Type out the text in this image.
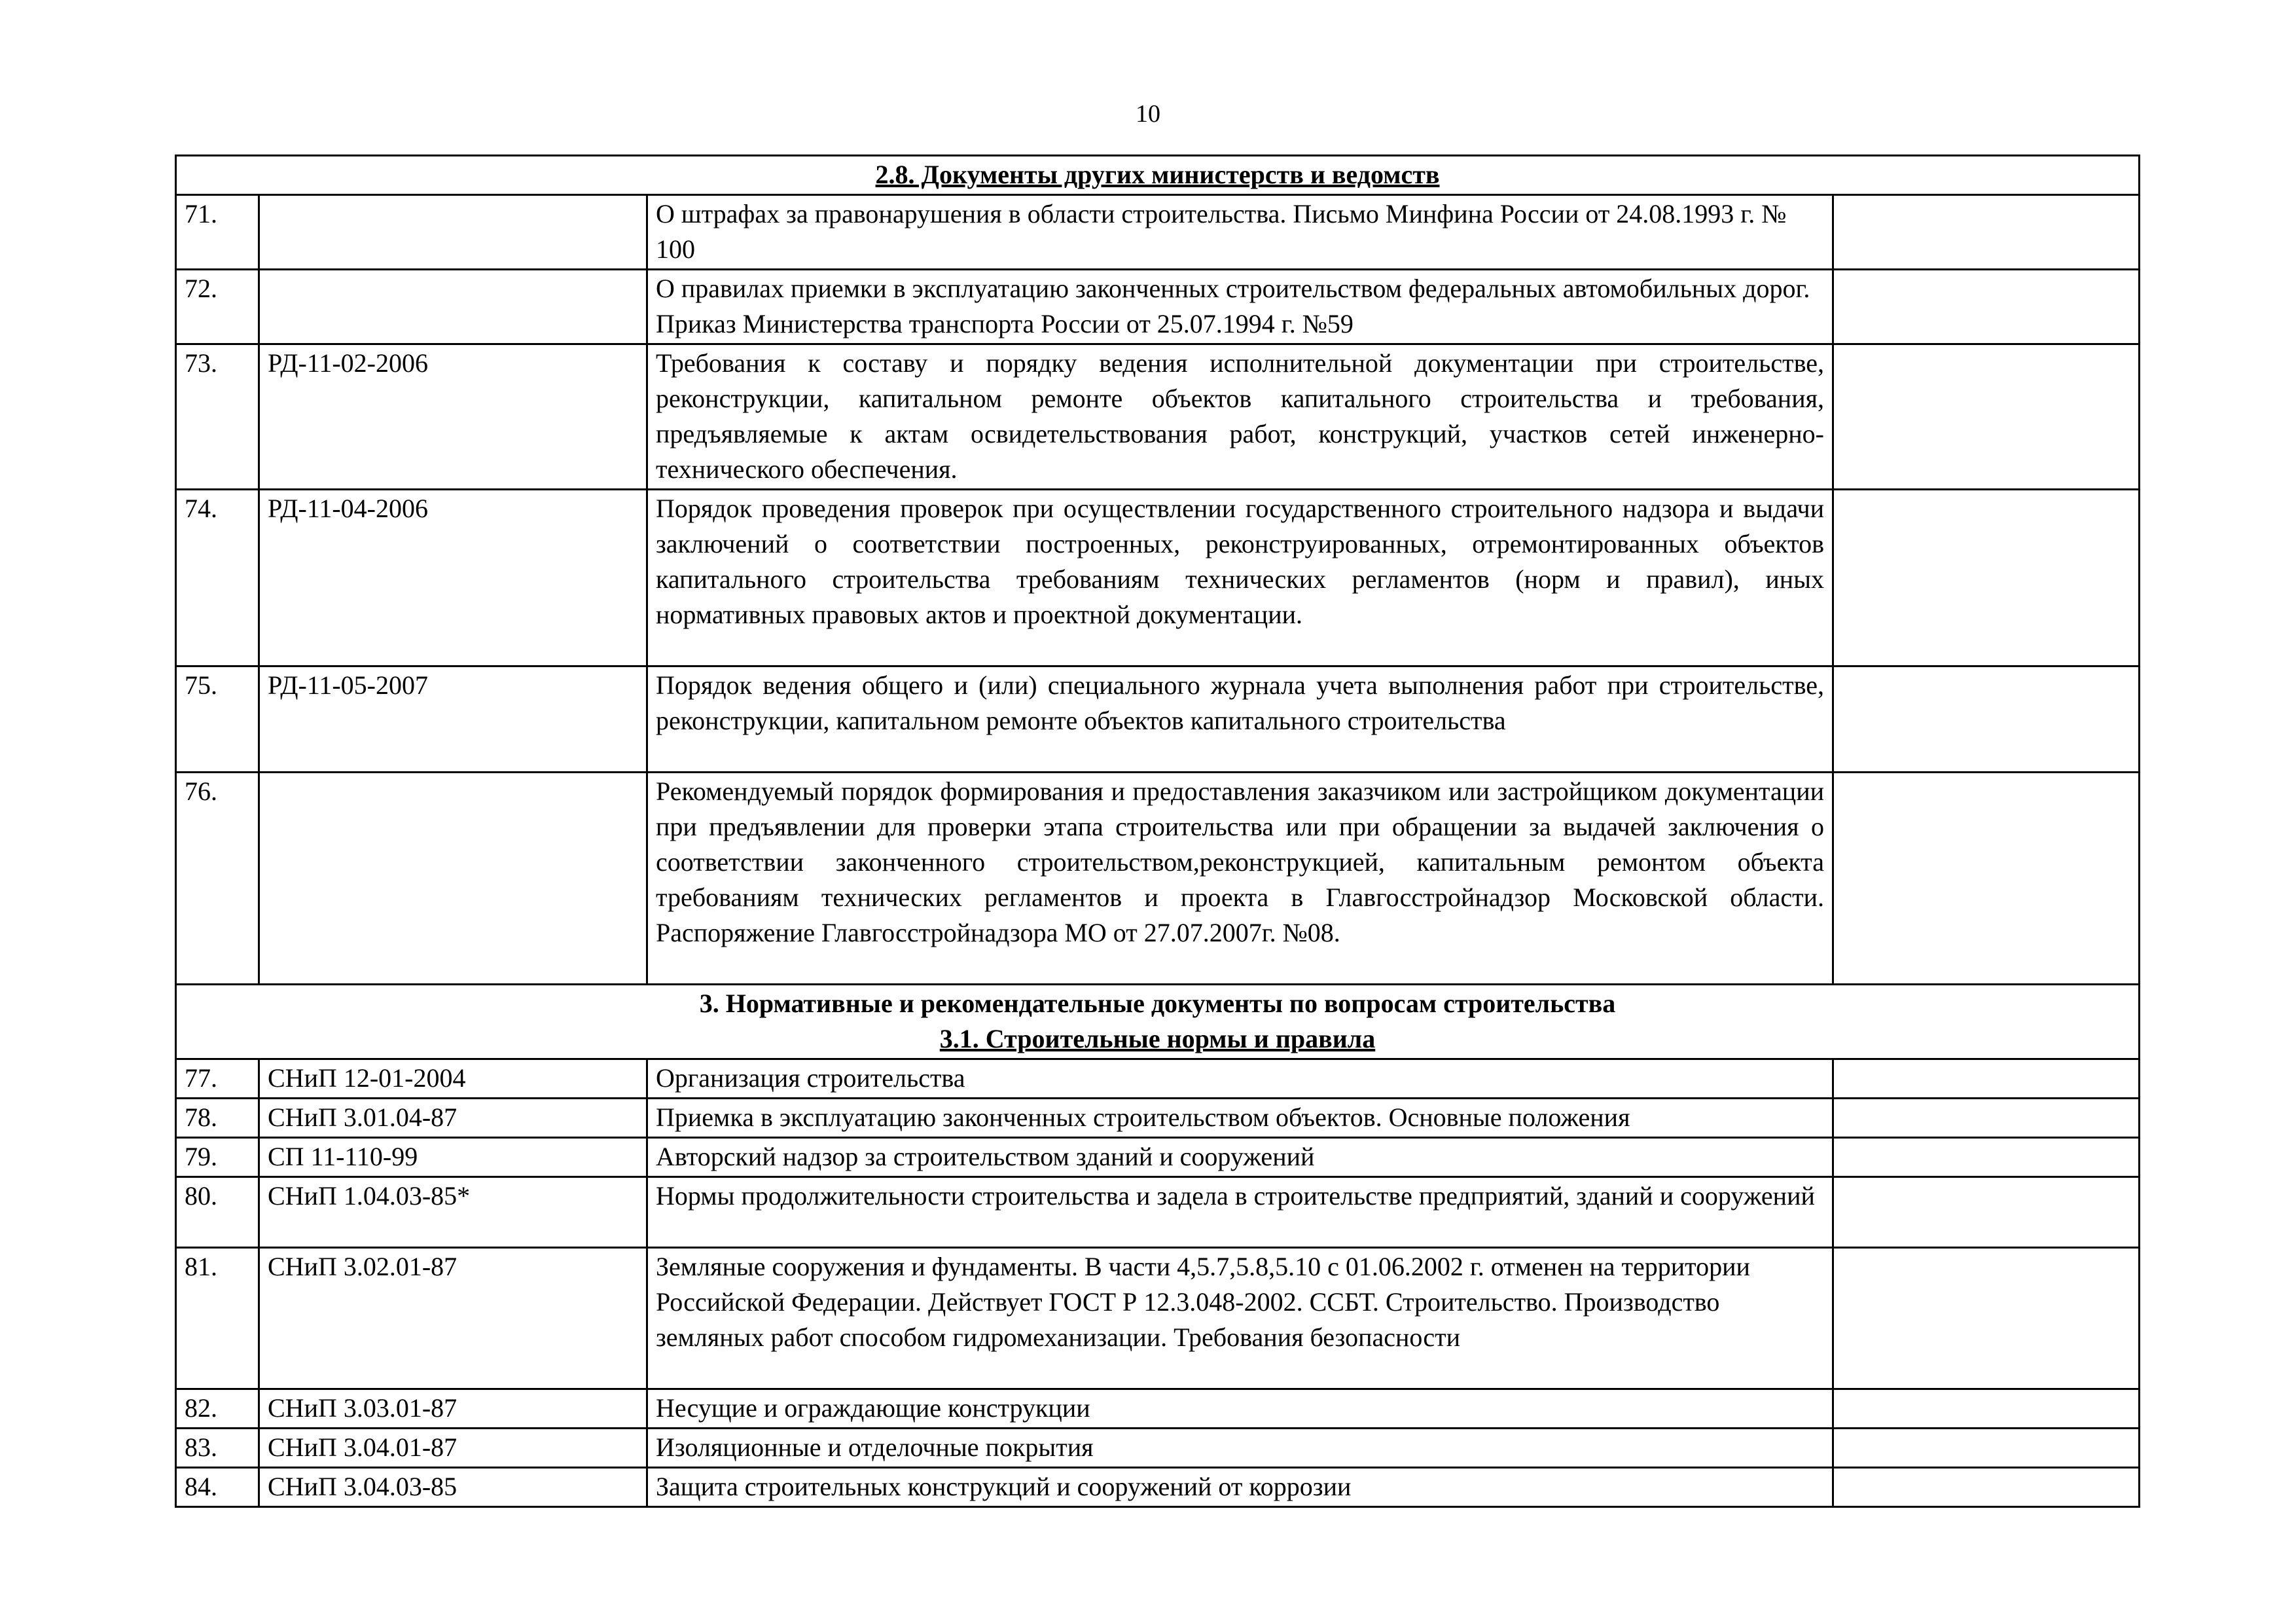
10
2.8. Документы других министерств и ведомств			

71.		О штрафах за правонарушения в области строительства. Письмо Минфина России от 24.08.1993 г. № 100	
72.		О правилах приемки в эксплуатацию законченных строительством федеральных автомобильных дорог. Приказ Министерства транспорта России от 25.07.1994 г. №59	
73.	РД-11-02-2006	Требования к составу и порядку ведения исполнительной документации при строительстве, реконструкции, капитальном ремонте объектов капитального строительства и требования, предъявляемые к актам освидетельствования работ, конструкций, участков сетей инженерно-технического обеспечения.	
74.	РД-11-04-2006	Порядок проведения проверок при осуществлении государственного строительного надзора и выдачи заключений о соответствии построенных, реконструированных, отремонтированных объектов капитального строительства требованиям технических регламентов (норм и правил), иных нормативных правовых актов и проектной документации.	
75.	РД-11-05-2007	Порядок ведения общего и (или) специального журнала учета выполнения работ при строительстве, реконструкции, капитальном ремонте объектов капитального строительства	
76.		Рекомендуемый порядок формирования и предоставления заказчиком или застройщиком документации при предъявлении для проверки этапа строительства или при обращении за выдачей заключения о соответствии законченного строительством,реконструкцией, капитальным ремонтом объекта требованиям технических регламентов и проекта в Главгосстройнадзор Московской области. Распоряжение Главгосстройнадзора МО от 27.07.2007г. №08.	

3. Нормативные и рекомендательные документы по вопросам строительства
3.1. Строительные нормы и правила			

77.	СНиП 12-01-2004	Организация строительства	
78.	СНиП 3.01.04-87	Приемка в эксплуатацию законченных строительством объектов. Основные положения	
79.	СП 11-110-99	Авторский надзор за строительством зданий и сооружений	
80.	СНиП 1.04.03-85*	Нормы продолжительности строительства и задела в строительстве предприятий, зданий и сооружений	
81.	СНиП 3.02.01-87	Земляные сооружения и фундаменты. В части 4,5.7,5.8,5.10 с 01.06.2002 г. отменен на территории Российской Федерации. Действует ГОСТ Р 12.3.048-2002. ССБТ. Строительство. Производство земляных работ способом гидромеханизации. Требования безопасности	
82.	СНиП 3.03.01-87	Несущие и ограждающие конструкции	
83.	СНиП 3.04.01-87	Изоляционные и отделочные покрытия	
84.	СНиП 3.04.03-85	Защита строительных конструкций и сооружений от коррозии	
